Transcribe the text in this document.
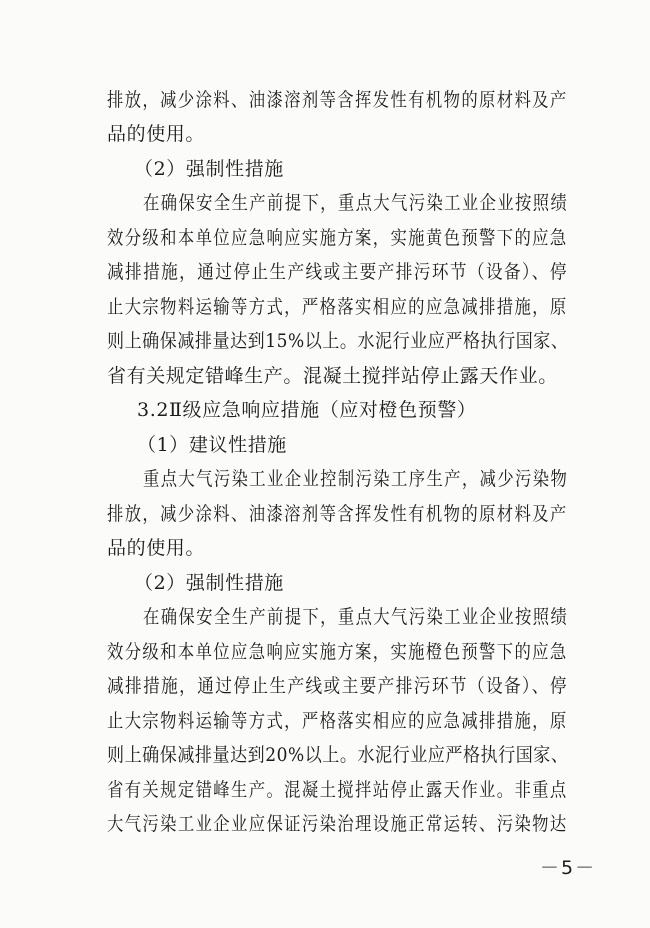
排放，减少涂料、油漆溶剂等含挥发性有机物的原材料及产
品的使用。
（2）强制性措施
在确保安全生产前提下，重点大气污染工业企业按照绩
效分级和本单位应急响应实施方案，实施黄色预警下的应急
减排措施，通过停止生产线或主要产排污环节（设备）、停
止大宗物料运输等方式，严格落实相应的应急减排措施，原
则上确保减排量达到15%以上。水泥行业应严格执行国家、
省有关规定错峰生产。混凝土搅拌站停止露天作业。
3.2Ⅱ级应急响应措施（应对橙色预警）
（1）建议性措施
重点大气污染工业企业控制污染工序生产，减少污染物
排放，减少涂料、油漆溶剂等含挥发性有机物的原材料及产
品的使用。
（2）强制性措施
在确保安全生产前提下，重点大气污染工业企业按照绩
效分级和本单位应急响应实施方案，实施橙色预警下的应急
减排措施，通过停止生产线或主要产排污环节（设备）、停
止大宗物料运输等方式，严格落实相应的应急减排措施，原
则上确保减排量达到20%以上。水泥行业应严格执行国家、
省有关规定错峰生产。混凝土搅拌站停止露天作业。非重点
大气污染工业企业应保证污染治理设施正常运转、污染物达
－5－
